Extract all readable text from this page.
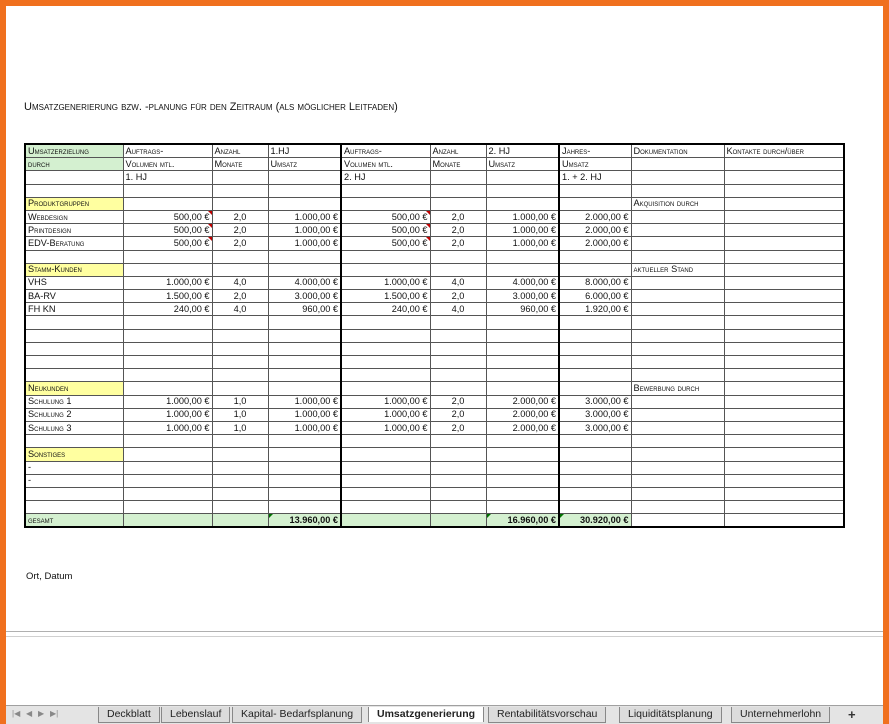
Umsatzgenerierung bzw. -planung für den Zeitraum (als möglicher Leitfaden)
Umsatzerzielung	Auftrags-	Anzahl	1.HJ	Auftrags-	Anzahl	2. HJ	Jahres-	Dokumentation	Kontakte durch/über
durch	Volumen mtl.	Monate	Umsatz	Volumen mtl.	Monate	Umsatz	Umsatz		
	1. HJ			2. HJ			1. + 2. HJ		

Produktgruppen								Akquisition durch	
Webdesign	500,00 €	2,0	1.000,00 €	500,00 €	2,0	1.000,00 €	2.000,00 €		
Printdesign	500,00 €	2,0	1.000,00 €	500,00 €	2,0	1.000,00 €	2.000,00 €		
EDV-Beratung	500,00 €	2,0	1.000,00 €	500,00 €	2,0	1.000,00 €	2.000,00 €		

Stamm-Kunden								aktueller Stand	
VHS	1.000,00 €	4,0	4.000,00 €	1.000,00 €	4,0	4.000,00 €	8.000,00 €		
BA-RV	1.500,00 €	2,0	3.000,00 €	1.500,00 €	2,0	3.000,00 €	6.000,00 €		
FH KN	240,00 €	4,0	960,00 €	240,00 €	4,0	960,00 €	1.920,00 €		

Neukunden								Bewerbung durch	
Schulung 1	1.000,00 €	1,0	1.000,00 €	1.000,00 €	2,0	2.000,00 €	3.000,00 €		
Schulung 2	1.000,00 €	1,0	1.000,00 €	1.000,00 €	2,0	2.000,00 €	3.000,00 €		
Schulung 3	1.000,00 €	1,0	1.000,00 €	1.000,00 €	2,0	2.000,00 €	3.000,00 €		

Sonstiges									
-									
-									

gesamt			13.960,00 €			16.960,00 €	30.920,00 €		
Ort, Datum
|◀ ◀ ▶ ▶|	Deckblatt	Lebenslauf	Kapital- Bedarfsplanung	Umsatzgenerierung	Rentabilitätsvorschau	Liquiditätsplanung	Unternehmerlohn	+
